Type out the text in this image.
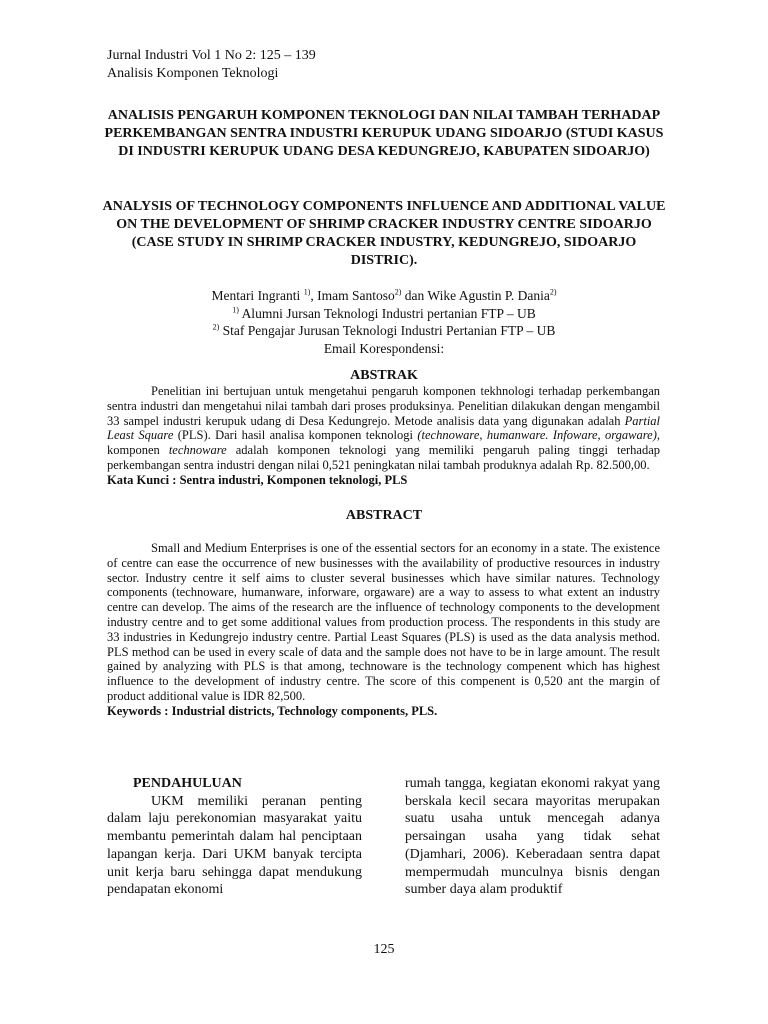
Jurnal Industri Vol 1 No 2: 125 – 139
Analisis Komponen Teknologi
ANALISIS PENGARUH KOMPONEN TEKNOLOGI DAN NILAI TAMBAH TERHADAP PERKEMBANGAN SENTRA INDUSTRI KERUPUK UDANG SIDOARJO (STUDI KASUS DI INDUSTRI KERUPUK UDANG DESA KEDUNGREJO, KABUPATEN SIDOARJO)
ANALYSIS OF TECHNOLOGY COMPONENTS INFLUENCE AND ADDITIONAL VALUE ON THE DEVELOPMENT OF SHRIMP CRACKER INDUSTRY CENTRE SIDOARJO (CASE STUDY IN SHRIMP CRACKER INDUSTRY, KEDUNGREJO, SIDOARJO DISTRIC).
Mentari Ingranti $^{1)}$, Imam Santoso$^{2)}$ dan Wike Agustin P. Dania$^{2)}$
$^{1)}$ Alumni Jursan Teknologi Industri pertanian FTP – UB
$^{2)}$ Staf Pengajar Jurusan Teknologi Industri Pertanian FTP – UB
Email Korespondensi:
ABSTRAK

Penelitian ini bertujuan untuk mengetahui pengaruh komponen tekhnologi terhadap perkembangan sentra industri dan mengetahui nilai tambah dari proses produksinya. Penelitian dilakukan dengan mengambil 33 sampel industri kerupuk udang di Desa Kedungrejo. Metode analisis data yang digunakan adalah Partial Least Square (PLS). Dari hasil analisa komponen teknologi (technoware, humanware. Infoware, orgaware), komponen technoware adalah komponen teknologi yang memiliki pengaruh paling tinggi terhadap perkembangan sentra industri dengan nilai 0,521 peningkatan nilai tambah produknya adalah Rp. 82.500,00.

Kata Kunci : Sentra industri, Komponen teknologi, PLS

ABSTRACT

Small and Medium Enterprises is one of the essential sectors for an economy in a state. The existence of centre can ease the occurrence of new businesses with the availability of productive resources in industry sector. Industry centre it self aims to cluster several businesses which have similar natures. Technology components (technoware, humanware, inforware, orgaware) are a way to assess to what extent an industry centre can develop. The aims of the research are the influence of technology components to the development industry centre and to get some additional values from production process. The respondents in this study are 33 industries in Kedungrejo industry centre. Partial Least Squares (PLS) is used as the data analysis method. PLS method can be used in every scale of data and the sample does not have to be in large amount. The result gained by analyzing with PLS is that among, technoware is the technology compenent which has highest influence to the development of industry centre. The score of this compenent is 0,520 ant the margin of product additional value is IDR 82,500.

Keywords : Industrial districts, Technology components, PLS.

PENDAHULUAN

UKM memiliki peranan penting dalam laju perekonomian masyarakat yaitu membantu pemerintah dalam hal penciptaan lapangan kerja. Dari UKM banyak tercipta unit kerja baru sehingga dapat mendukung pendapatan ekonomi

rumah tangga, kegiatan ekonomi rakyat yang berskala kecil secara mayoritas merupakan suatu usaha untuk mencegah adanya persaingan usaha yang tidak sehat (Djamhari, 2006). Keberadaan sentra dapat mempermudah munculnya bisnis dengan sumber daya alam produktif

125
